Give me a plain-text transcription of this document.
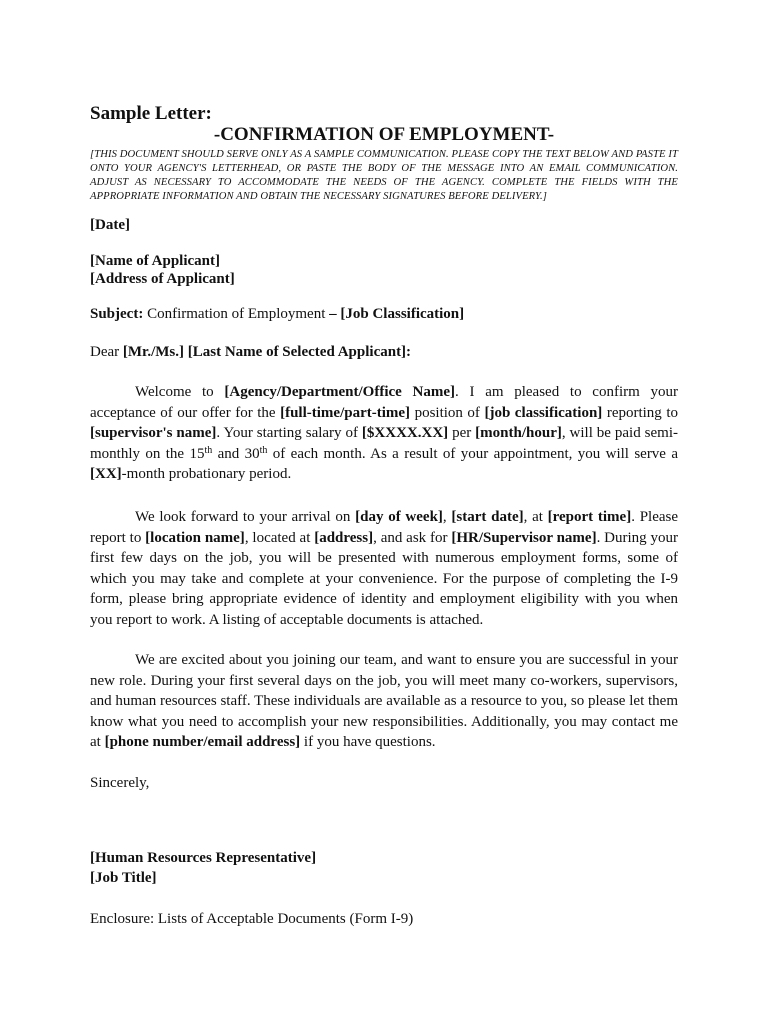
Sample Letter:
-CONFIRMATION OF EMPLOYMENT-
[THIS DOCUMENT SHOULD SERVE ONLY AS A SAMPLE COMMUNICATION. PLEASE COPY THE TEXT BELOW AND PASTE IT ONTO YOUR AGENCY'S LETTERHEAD, OR PASTE THE BODY OF THE MESSAGE INTO AN EMAIL COMMUNICATION. ADJUST AS NECESSARY TO ACCOMMODATE THE NEEDS OF THE AGENCY. COMPLETE THE FIELDS WITH THE APPROPRIATE INFORMATION AND OBTAIN THE NECESSARY SIGNATURES BEFORE DELIVERY.]
[Date]
[Name of Applicant]
[Address of Applicant]
Subject: Confirmation of Employment – [Job Classification]
Dear [Mr./Ms.] [Last Name of Selected Applicant]:
Welcome to [Agency/Department/Office Name]. I am pleased to confirm your acceptance of our offer for the [full-time/part-time] position of [job classification] reporting to [supervisor's name]. Your starting salary of [$XXXX.XX] per [month/hour], will be paid semi-monthly on the 15th and 30th of each month. As a result of your appointment, you will serve a [XX]-month probationary period.
We look forward to your arrival on [day of week], [start date], at [report time]. Please report to [location name], located at [address], and ask for [HR/Supervisor name]. During your first few days on the job, you will be presented with numerous employment forms, some of which you may take and complete at your convenience. For the purpose of completing the I-9 form, please bring appropriate evidence of identity and employment eligibility with you when you report to work. A listing of acceptable documents is attached.
We are excited about you joining our team, and want to ensure you are successful in your new role. During your first several days on the job, you will meet many co-workers, supervisors, and human resources staff. These individuals are available as a resource to you, so please let them know what you need to accomplish your new responsibilities. Additionally, you may contact me at [phone number/email address] if you have questions.
Sincerely,
[Human Resources Representative]
[Job Title]
Enclosure: Lists of Acceptable Documents (Form I-9)
